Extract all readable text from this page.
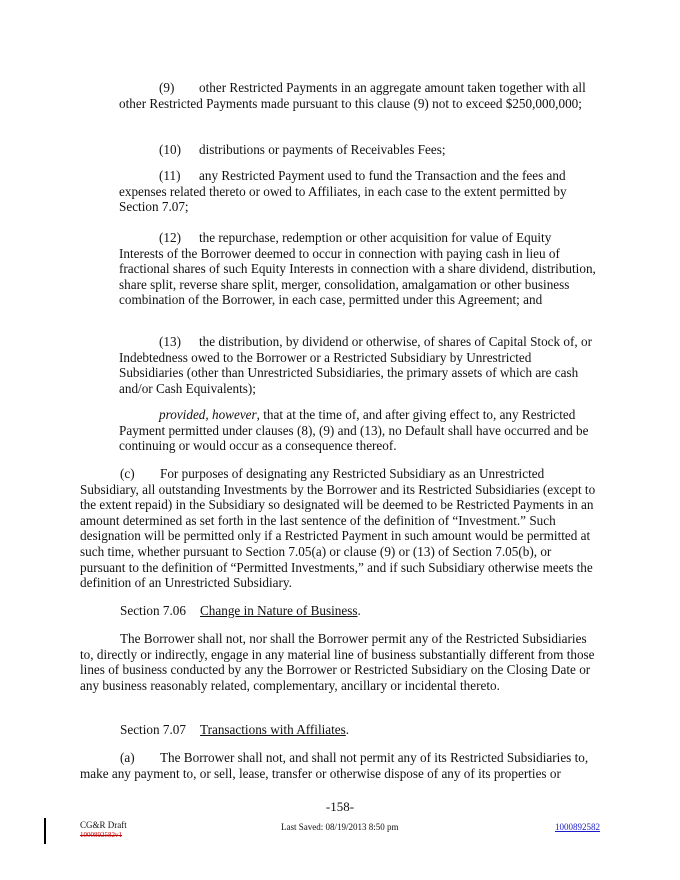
(9) other Restricted Payments in an aggregate amount taken together with all other Restricted Payments made pursuant to this clause (9) not to exceed $250,000,000;

(10) distributions or payments of Receivables Fees;

(11) any Restricted Payment used to fund the Transaction and the fees and expenses related thereto or owed to Affiliates, in each case to the extent permitted by Section 7.07;

(12) the repurchase, redemption or other acquisition for value of Equity Interests of the Borrower deemed to occur in connection with paying cash in lieu of fractional shares of such Equity Interests in connection with a share dividend, distribution, share split, reverse share split, merger, consolidation, amalgamation or other business combination of the Borrower, in each case, permitted under this Agreement; and

(13) the distribution, by dividend or otherwise, of shares of Capital Stock of, or Indebtedness owed to the Borrower or a Restricted Subsidiary by Unrestricted Subsidiaries (other than Unrestricted Subsidiaries, the primary assets of which are cash and/or Cash Equivalents);

provided, however, that at the time of, and after giving effect to, any Restricted Payment permitted under clauses (8), (9) and (13), no Default shall have occurred and be continuing or would occur as a consequence thereof.

(c) For purposes of designating any Restricted Subsidiary as an Unrestricted Subsidiary, all outstanding Investments by the Borrower and its Restricted Subsidiaries (except to the extent repaid) in the Subsidiary so designated will be deemed to be Restricted Payments in an amount determined as set forth in the last sentence of the definition of “Investment.” Such designation will be permitted only if a Restricted Payment in such amount would be permitted at such time, whether pursuant to Section 7.05(a) or clause (9) or (13) of Section 7.05(b), or pursuant to the definition of “Permitted Investments,” and if such Subsidiary otherwise meets the definition of an Unrestricted Subsidiary.

Section 7.06 Change in Nature of Business.

The Borrower shall not, nor shall the Borrower permit any of the Restricted Subsidiaries to, directly or indirectly, engage in any material line of business substantially different from those lines of business conducted by any the Borrower or Restricted Subsidiary on the Closing Date or any business reasonably related, complementary, ancillary or incidental thereto.

Section 7.07 Transactions with Affiliates.

(a) The Borrower shall not, and shall not permit any of its Restricted Subsidiaries to, make any payment to, or sell, lease, transfer or otherwise dispose of any of its properties or

-158-
CG&R Draft
1000892582v1
Last Saved: 08/19/2013 8:50 pm	1000892582
